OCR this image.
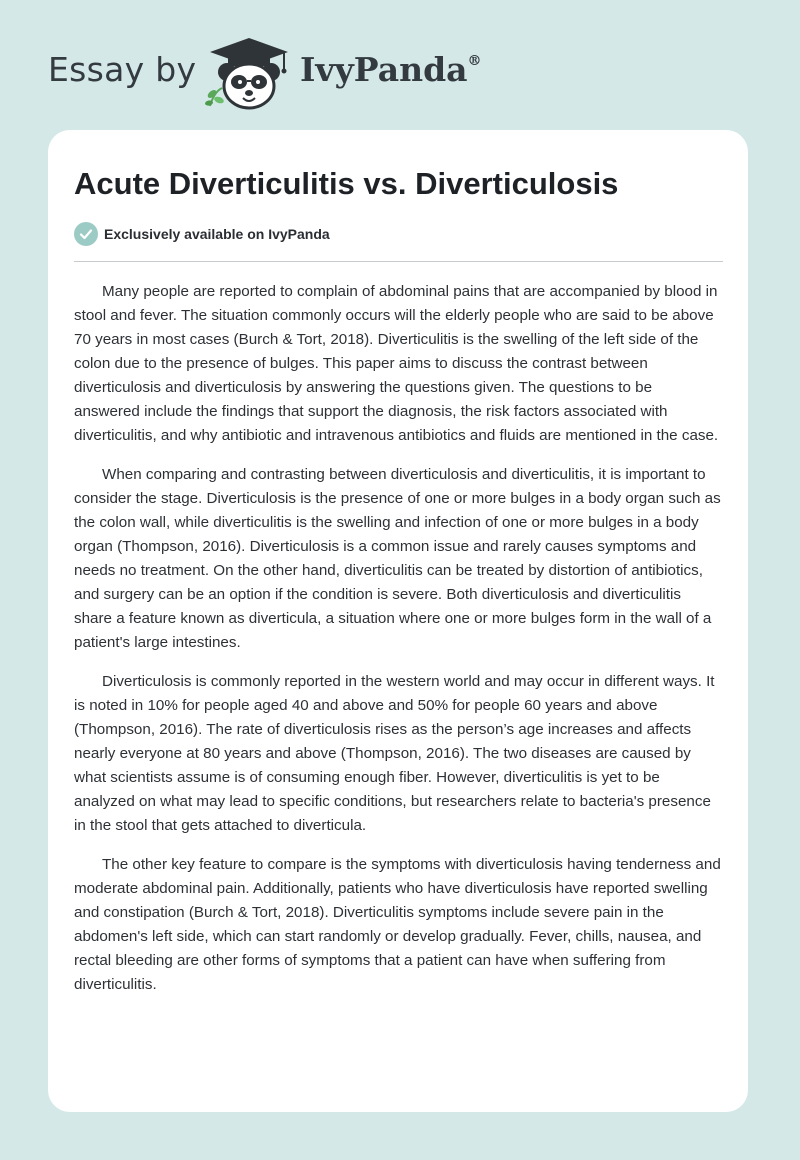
Essay by	IvyPanda®
Acute Diverticulitis vs. Diverticulosis
Exclusively available on IvyPanda

Many people are reported to complain of abdominal pains that are accompanied by blood in stool and fever. The situation commonly occurs will the elderly people who are said to be above 70 years in most cases (Burch & Tort, 2018). Diverticulitis is the swelling of the left side of the colon due to the presence of bulges. This paper aims to discuss the contrast between diverticulosis and diverticulosis by answering the questions given. The questions to be answered include the findings that support the diagnosis, the risk factors associated with diverticulitis, and why antibiotic and intravenous antibiotics and fluids are mentioned in the case.

When comparing and contrasting between diverticulosis and diverticulitis, it is important to consider the stage. Diverticulosis is the presence of one or more bulges in a body organ such as the colon wall, while diverticulitis is the swelling and infection of one or more bulges in a body organ (Thompson, 2016). Diverticulosis is a common issue and rarely causes symptoms and needs no treatment. On the other hand, diverticulitis can be treated by distortion of antibiotics, and surgery can be an option if the condition is severe. Both diverticulosis and diverticulitis share a feature known as diverticula, a situation where one or more bulges form in the wall of a patient's large intestines.

Diverticulosis is commonly reported in the western world and may occur in different ways. It is noted in 10% for people aged 40 and above and 50% for people 60 years and above (Thompson, 2016). The rate of diverticulosis rises as the person’s age increases and affects nearly everyone at 80 years and above (Thompson, 2016). The two diseases are caused by what scientists assume is of consuming enough fiber. However, diverticulitis is yet to be analyzed on what may lead to specific conditions, but researchers relate to bacteria's presence in the stool that gets attached to diverticula.

The other key feature to compare is the symptoms with diverticulosis having tenderness and moderate abdominal pain. Additionally, patients who have diverticulosis have reported swelling and constipation (Burch & Tort, 2018). Diverticulitis symptoms include severe pain in the abdomen's left side, which can start randomly or develop gradually. Fever, chills, nausea, and rectal bleeding are other forms of symptoms that a patient can have when suffering from diverticulitis.
